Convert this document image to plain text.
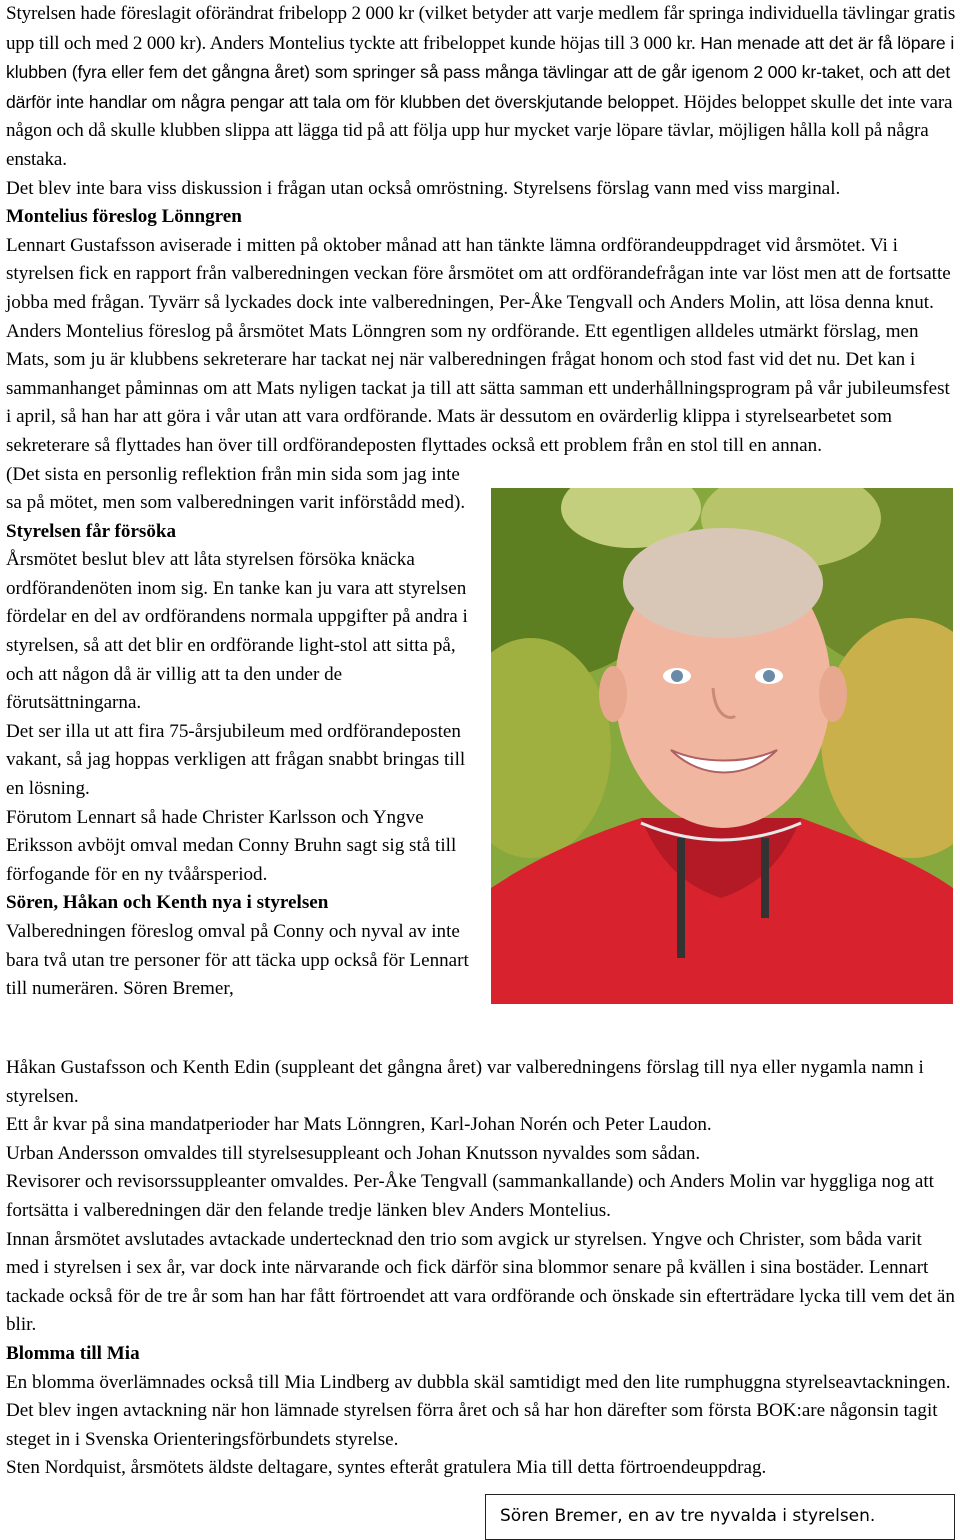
Styrelsen hade föreslagit oförändrat fribelopp 2 000 kr (vilket betyder att varje medlem får springa individuella tävlingar gratis upp till och med 2 000 kr). Anders Montelius tyckte att fribeloppet kunde höjas till 3 000 kr. Han menade att det är få löpare i klubben (fyra eller fem det gångna året) som springer så pass många tävlingar att de går igenom 2 000 kr-taket, och att det därför inte handlar om några pengar att tala om för klubben det överskjutande beloppet. Höjdes beloppet skulle det inte vara någon och då skulle klubben slippa att lägga tid på att följa upp hur mycket varje löpare tävlar, möjligen hålla koll på några enstaka.

Det blev inte bara viss diskussion i frågan utan också omröstning. Styrelsens förslag vann med viss marginal.

Montelius föreslog Lönngren

Lennart Gustafsson aviserade i mitten på oktober månad att han tänkte lämna ordförandeuppdraget vid årsmötet. Vi i styrelsen fick en rapport från valberedningen veckan före årsmötet om att ordförandefrågan inte var löst men att de fortsatte jobba med frågan. Tyvärr så lyckades dock inte valberedningen, Per-Åke Tengvall och Anders Molin, att lösa denna knut. Anders Montelius föreslog på årsmötet Mats Lönngren som ny ordförande. Ett egentligen alldeles utmärkt förslag, men Mats, som ju är klubbens sekreterare har tackat nej när valberedningen frågat honom och stod fast vid det nu. Det kan i sammanhanget påminnas om att Mats nyligen tackat ja till att sätta samman ett underhållningsprogram på vår jubileumsfest i april, så han har att göra i vår utan att vara ordförande. Mats är dessutom en ovärderlig klippa i styrelsearbetet som sekreterare så flyttades han över till ordförandeposten flyttades också ett problem från en stol till en annan.

(Det sista en personlig reflektion från min sida som jag inte sa på mötet, men som valberedningen varit införstådd med).

Styrelsen får försöka

Årsmötet beslut blev att låta styrelsen försöka knäcka ordförandenöten inom sig. En tanke kan ju vara att styrelsen fördelar en del av ordförandens normala uppgifter på andra i styrelsen, så att det blir en ordförande light-stol att sitta på, och att någon då är villig att ta den under de förutsättningarna.

Det ser illa ut att fira 75-årsjubileum med ordförandeposten vakant, så jag hoppas verkligen att frågan snabbt bringas till en lösning.

Förutom Lennart så hade Christer Karlsson och Yngve Eriksson avböjt omval medan Conny Bruhn sagt sig stå till förfogande för en ny tvåårsperiod.

Sören, Håkan och Kenth nya i styrelsen

Valberedningen föreslog omval på Conny och nyval av inte bara två utan tre personer för att täcka upp också för Lennart till numerären. Sören Bremer,

Sören Bremer, en av tre nyvalda i styrelsen.

Håkan Gustafsson och Kenth Edin (suppleant det gångna året) var valberedningens förslag till nya eller nygamla namn i styrelsen.

Ett år kvar på sina mandatperioder har Mats Lönngren, Karl-Johan Norén och Peter Laudon.

Urban Andersson omvaldes till styrelsesuppleant och Johan Knutsson nyvaldes som sådan.

Revisorer och revisorssuppleanter omvaldes. Per-Åke Tengvall (sammankallande) och Anders Molin var hyggliga nog att fortsätta i valberedningen där den felande tredje länken blev Anders Montelius.

Innan årsmötet avslutades avtackade undertecknad den trio som avgick ur styrelsen. Yngve och Christer, som båda varit med i styrelsen i sex år, var dock inte närvarande och fick därför sina blommor senare på kvällen i sina bostäder. Lennart tackade också för de tre år som han har fått förtroendet att vara ordförande och önskade sin efterträdare lycka till vem det än blir.

Blomma till Mia

En blomma överlämnades också till Mia Lindberg av dubbla skäl samtidigt med den lite rumphuggna styrelseavtackningen. Det blev ingen avtackning när hon lämnade styrelsen förra året och så har hon därefter som första BOK:are någonsin tagit steget in i Svenska Orienteringsförbundets styrelse.

Sten Nordquist, årsmötets äldste deltagare, syntes efteråt gratulera Mia till detta förtroendeuppdrag.
